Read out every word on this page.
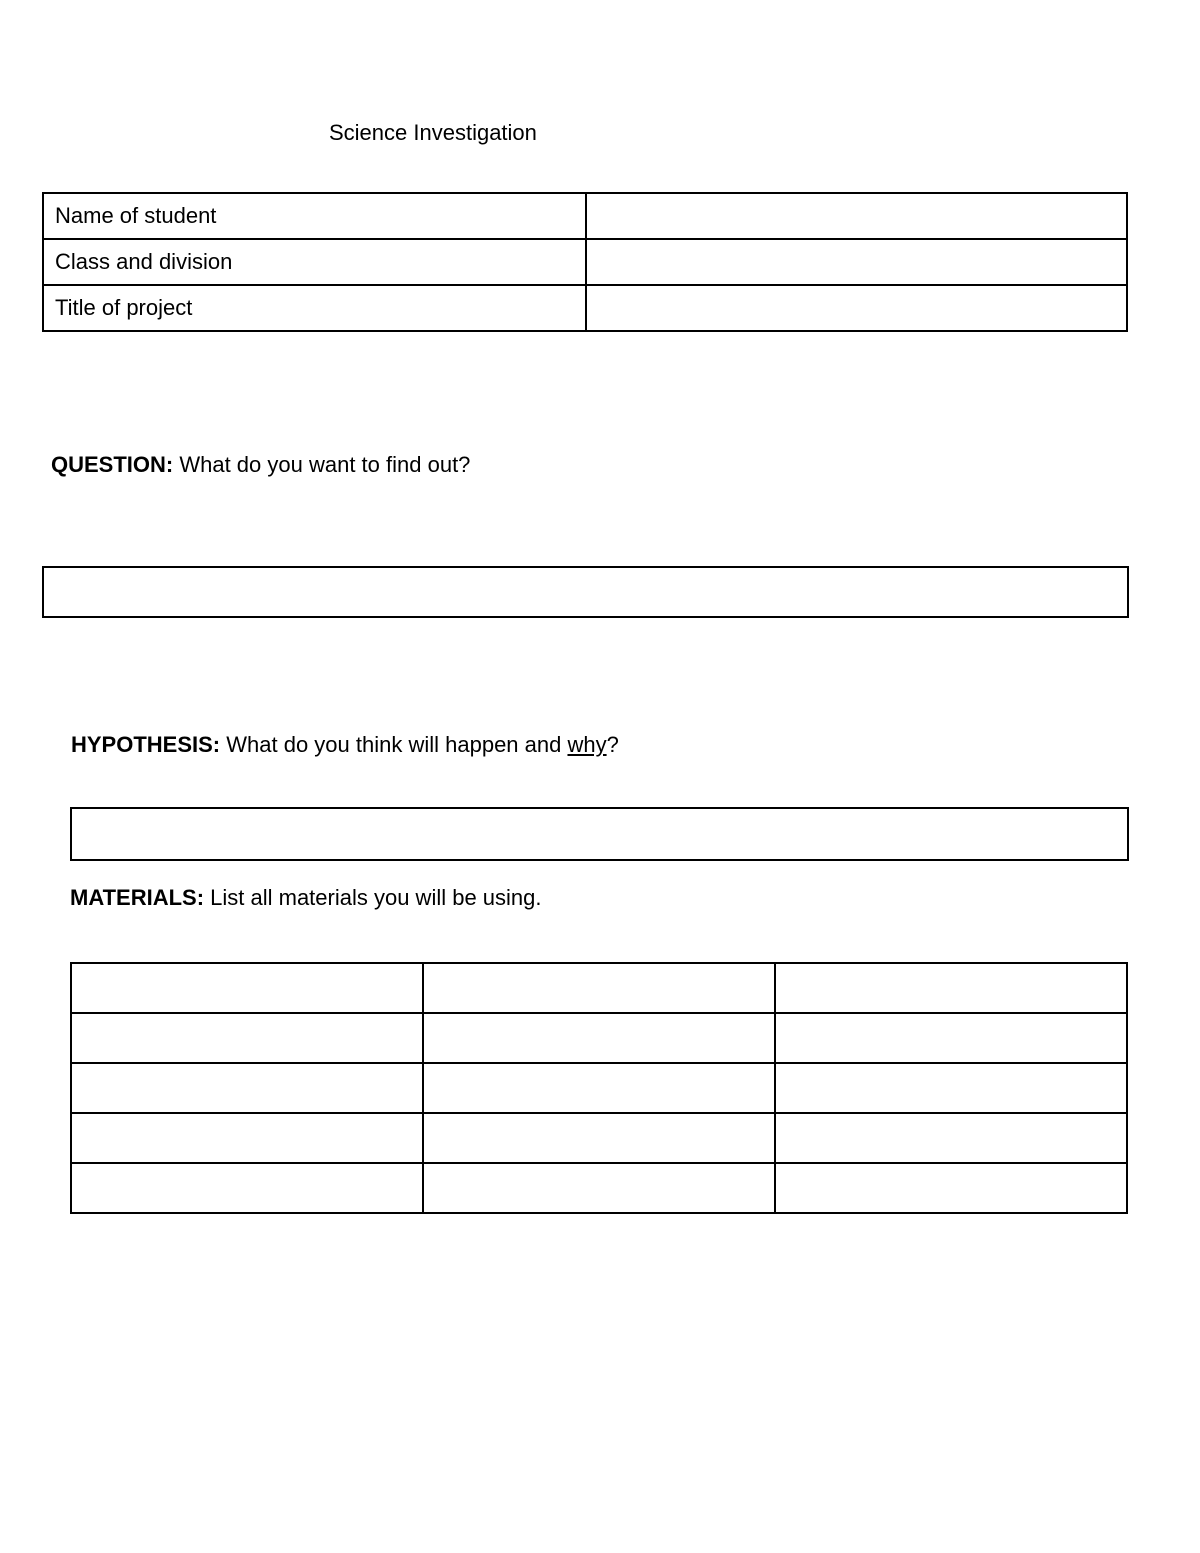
Science Investigation
Name of student	
Class and division	
Title of project	
QUESTION: What do you want to find out?
HYPOTHESIS: What do you think will happen and why?
MATERIALS: List all materials you will be using.
